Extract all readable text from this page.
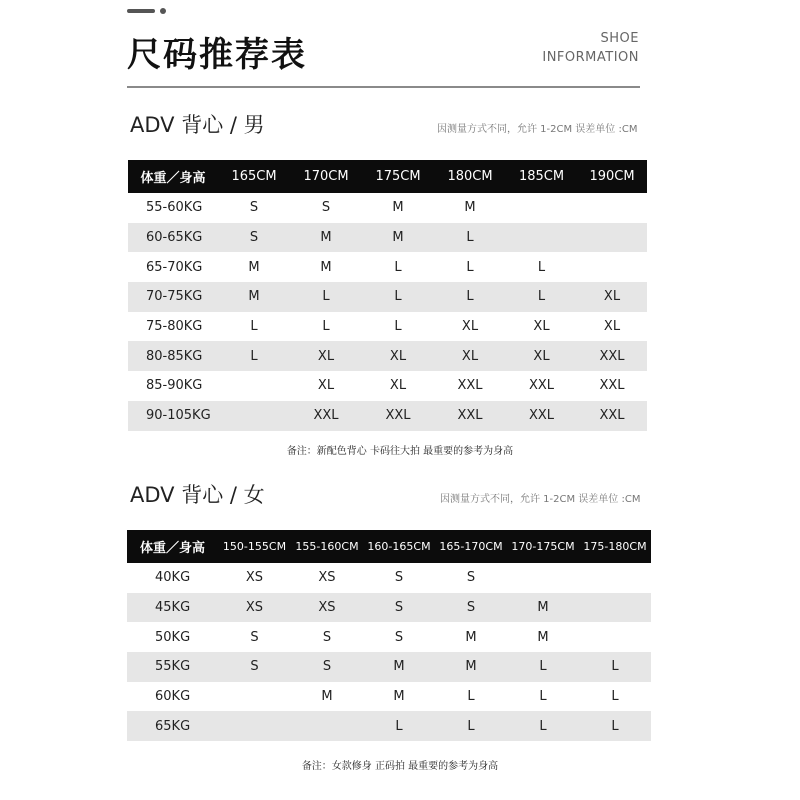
尺码推荐表	SHOE
INFORMATION
ADV 背心 / 男	因测量方式不同，允许 1-2CM 误差单位 :CM
体重／身高	165CM	170CM	175CM	180CM	185CM	190CM
55-60KG	S	S	M	M		
60-65KG	S	M	M	L		
65-70KG	M	M	L	L	L	
70-75KG	M	L	L	L	L	XL
75-80KG	L	L	L	XL	XL	XL
80-85KG	L	XL	XL	XL	XL	XXL
85-90KG		XL	XL	XXL	XXL	XXL
90-105KG		XXL	XXL	XXL	XXL	XXL
备注：新配色背心 卡码往大拍 最重要的参考为身高
ADV 背心 / 女	因测量方式不同，允许 1-2CM 误差单位 :CM
体重／身高	150-155CM	155-160CM	160-165CM	165-170CM	170-175CM	175-180CM
40KG	XS	XS	S	S		
45KG	XS	XS	S	S	M	
50KG	S	S	S	M	M	
55KG	S	S	M	M	L	L
60KG		M	M	L	L	L
65KG			L	L	L	L
备注：女款修身 正码拍 最重要的参考为身高
